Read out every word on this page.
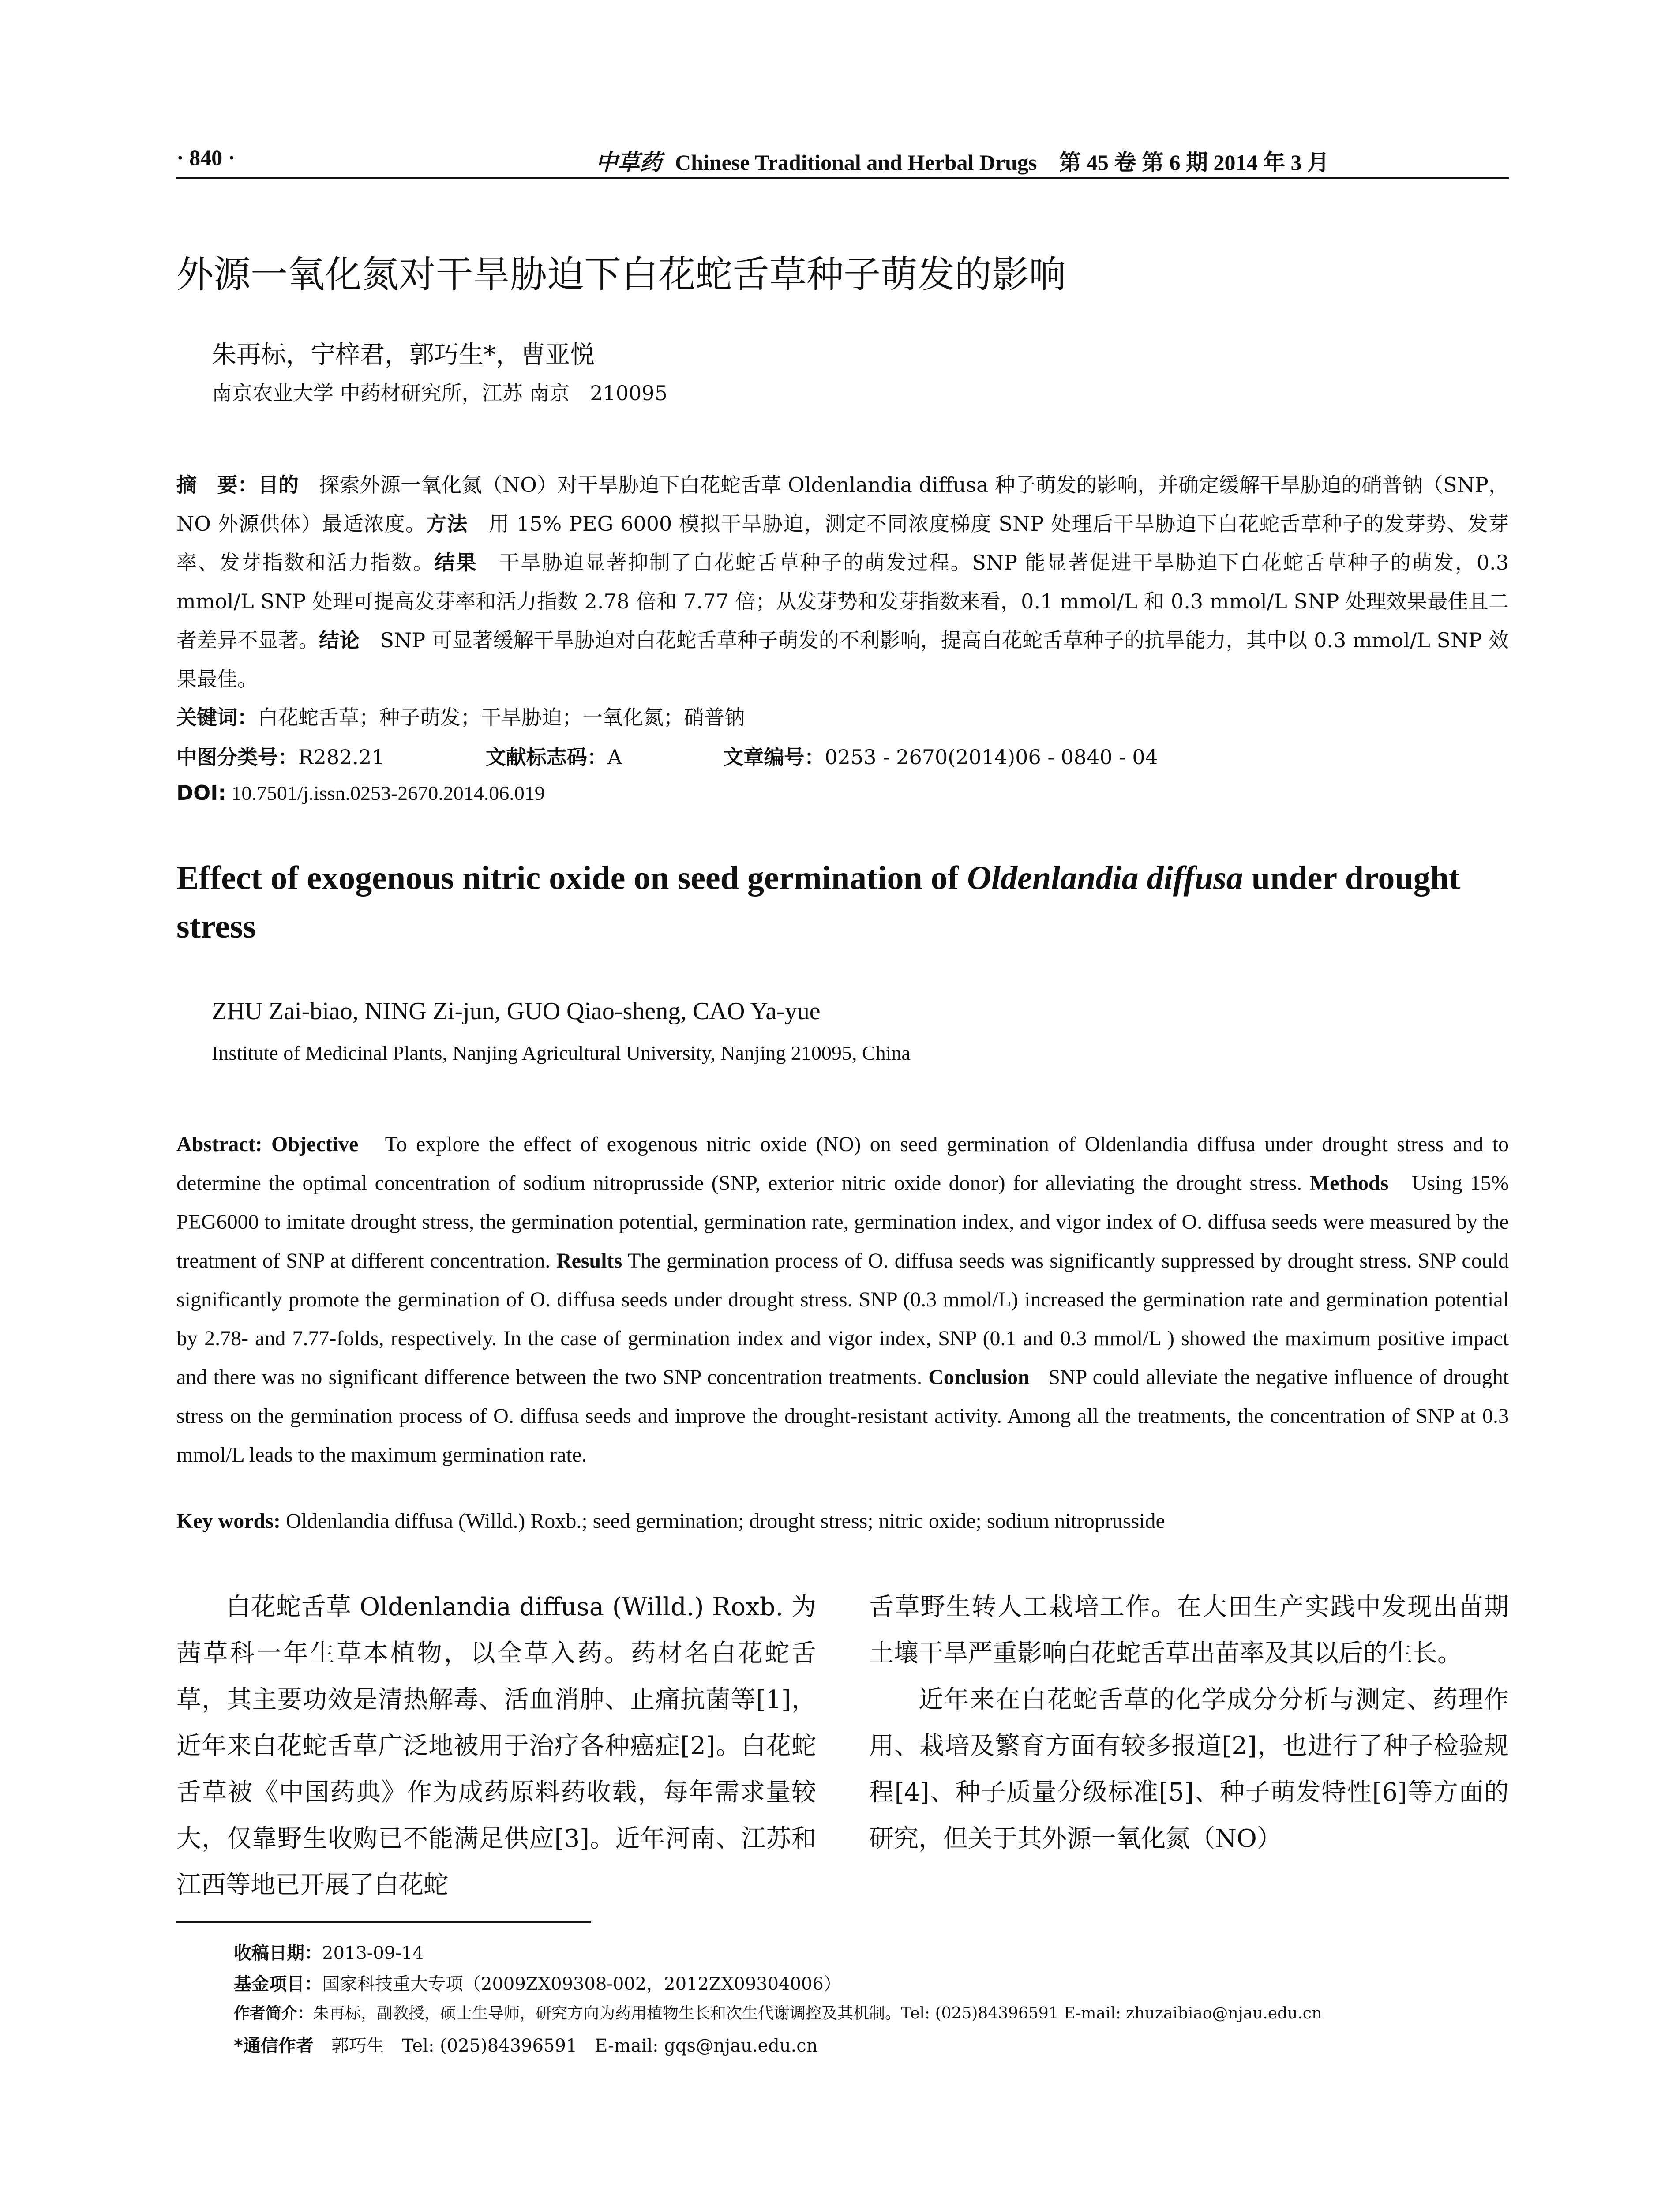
· 840 ·	中草药 Chinese Traditional and Herbal Drugs　第 45 卷 第 6 期 2014 年 3 月
外源一氧化氮对干旱胁迫下白花蛇舌草种子萌发的影响
朱再标，宁梓君，郭巧生*，曹亚悦
南京农业大学 中药材研究所，江苏 南京　210095
摘　要：目的　 探索外源一氧化氮（NO）对干旱胁迫下白花蛇舌草 Oldenlandia diffusa 种子萌发的影响，并确定缓解干旱胁迫的硝普钠（SNP，NO 外源供体）最适浓度。方法　 用 15% PEG 6000 模拟干旱胁迫，测定不同浓度梯度 SNP 处理后干旱胁迫下白花蛇舌草种子的发芽势、发芽率、发芽指数和活力指数。结果　 干旱胁迫显著抑制了白花蛇舌草种子的萌发过程。SNP 能显著促进干旱胁迫下白花蛇舌草种子的萌发，0.3 mmol/L SNP 处理可提高发芽率和活力指数 2.78 倍和 7.77 倍；从发芽势和发芽指数来看，0.1 mmol/L 和 0.3 mmol/L SNP 处理效果最佳且二者差异不显著。结论　 SNP 可显著缓解干旱胁迫对白花蛇舌草种子萌发的不利影响，提高白花蛇舌草种子的抗旱能力，其中以 0.3 mmol/L SNP 效果最佳。
关键词：白花蛇舌草；种子萌发；干旱胁迫；一氧化氮；硝普钠
中图分类号：R282.21	文献标志码：A	文章编号：0253 - 2670(2014)06 - 0840 - 04
DOI: 10.7501/j.issn.0253-2670.2014.06.019
Effect of exogenous nitric oxide on seed germination of Oldenlandia diffusa under drought stress
ZHU Zai-biao, NING Zi-jun, GUO Qiao-sheng, CAO Ya-yue
Institute of Medicinal Plants, Nanjing Agricultural University, Nanjing 210095, China
Abstract: Objective To explore the effect of exogenous nitric oxide (NO) on seed germination of Oldenlandia diffusa under drought stress and to determine the optimal concentration of sodium nitroprusside (SNP, exterior nitric oxide donor) for alleviating the drought stress. Methods Using 15% PEG6000 to imitate drought stress, the germination potential, germination rate, germination index, and vigor index of O. diffusa seeds were measured by the treatment of SNP at different concentration. Results The germination process of O. diffusa seeds was significantly suppressed by drought stress. SNP could significantly promote the germination of O. diffusa seeds under drought stress. SNP (0.3 mmol/L) increased the germination rate and germination potential by 2.78- and 7.77-folds, respectively. In the case of germination index and vigor index, SNP (0.1 and 0.3 mmol/L ) showed the maximum positive impact and there was no significant difference between the two SNP concentration treatments. Conclusion SNP could alleviate the negative influence of drought stress on the germination process of O. diffusa seeds and improve the drought-resistant activity. Among all the treatments, the concentration of SNP at 0.3 mmol/L leads to the maximum germination rate.
Key words: Oldenlandia diffusa (Willd.) Roxb.; seed germination; drought stress; nitric oxide; sodium nitroprusside

白花蛇舌草 Oldenlandia diffusa (Willd.) Roxb. 为茜草科一年生草本植物，以全草入药。药材名白花蛇舌草，其主要功效是清热解毒、活血消肿、止痛抗菌等[1]，近年来白花蛇舌草广泛地被用于治疗各种癌症[2]。白花蛇舌草被《中国药典》作为成药原料药收载，每年需求量较大，仅靠野生收购已不能满足供应[3]。近年河南、江苏和江西等地已开展了白花蛇

舌草野生转人工栽培工作。在大田生产实践中发现出苗期土壤干旱严重影响白花蛇舌草出苗率及其以后的生长。

近年来在白花蛇舌草的化学成分分析与测定、药理作用、栽培及繁育方面有较多报道[2]，也进行了种子检验规程[4]、种子质量分级标准[5]、种子萌发特性[6]等方面的研究，但关于其外源一氧化氮（NO）

收稿日期：2013-09-14
基金项目：国家科技重大专项（2009ZX09308-002，2012ZX09304006）
作者简介：朱再标，副教授，硕士生导师，研究方向为药用植物生长和次生代谢调控及其机制。Tel: (025)84396591 E-mail: zhuzaibiao@njau.edu.cn
*通信作者　 郭巧生　Tel: (025)84396591　E-mail: gqs@njau.edu.cn
